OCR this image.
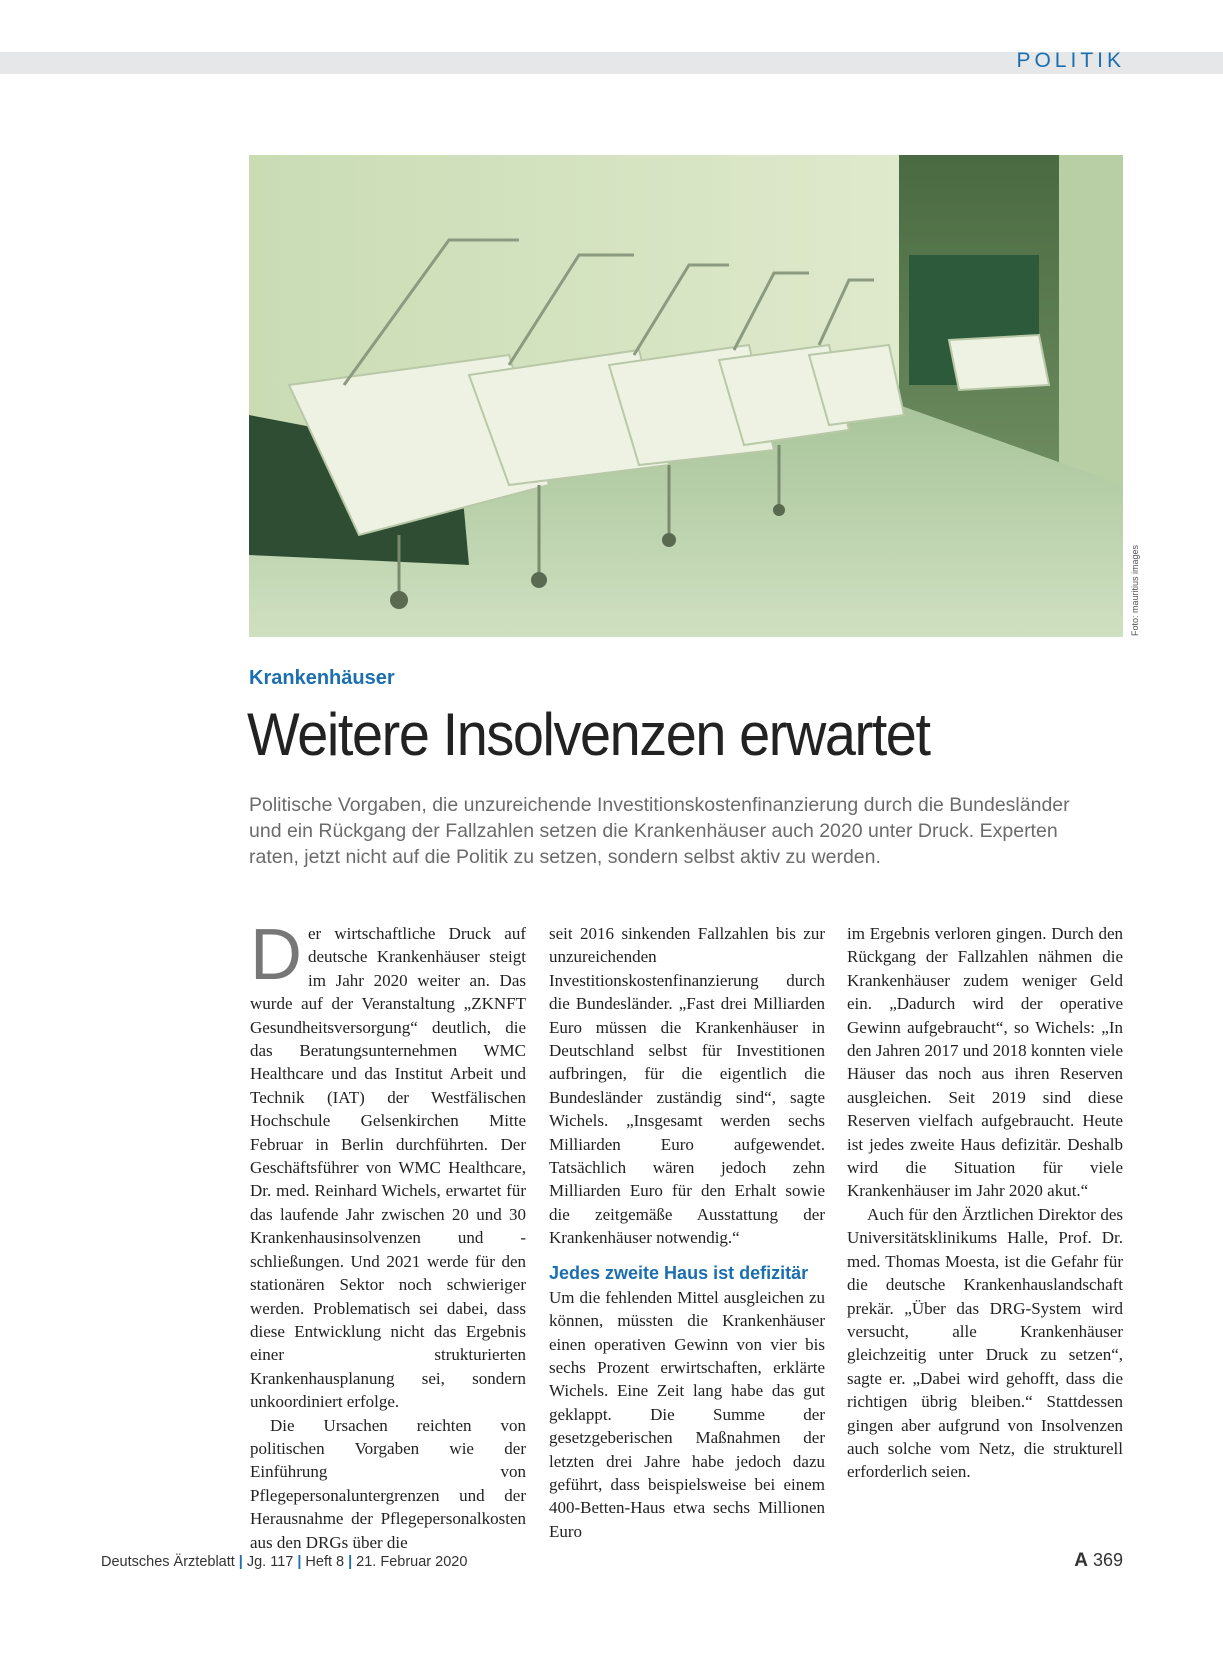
POLITIK
Foto: mauritius images
Krankenhäuser
Weitere Insolvenzen erwartet
Politische Vorgaben, die unzureichende Investitionskostenfinanzierung durch die Bundesländer und ein Rückgang der Fallzahlen setzen die Krankenhäuser auch 2020 unter Druck. Experten raten, jetzt nicht auf die Politik zu setzen, sondern selbst aktiv zu werden.

Der wirtschaftliche Druck auf deutsche Krankenhäuser steigt im Jahr 2020 weiter an. Das wurde auf der Veranstaltung „ZKNFT Gesundheitsversorgung“ deutlich, die das Beratungsunternehmen WMC Healthcare und das Institut Arbeit und Technik (IAT) der Westfälischen Hochschule Gelsenkirchen Mitte Februar in Berlin durchführten. Der Geschäftsführer von WMC Healthcare, Dr. med. Reinhard Wichels, erwartet für das laufende Jahr zwischen 20 und 30 Krankenhausinsolvenzen und -schließungen. Und 2021 werde für den stationären Sektor noch schwieriger werden. Problematisch sei dabei, dass diese Entwicklung nicht das Ergebnis einer strukturierten Krankenhausplanung sei, sondern unkoordiniert erfolge.

Die Ursachen reichten von politischen Vorgaben wie der Einführung von Pflegepersonaluntergrenzen und der Herausnahme der Pflegepersonalkosten aus den DRGs über die

seit 2016 sinkenden Fallzahlen bis zur unzureichenden Investitionskostenfinanzierung durch die Bundesländer. „Fast drei Milliarden Euro müssen die Krankenhäuser in Deutschland selbst für Investitionen aufbringen, für die eigentlich die Bundesländer zuständig sind“, sagte Wichels. „Insgesamt werden sechs Milliarden Euro aufgewendet. Tatsächlich wären jedoch zehn Milliarden Euro für den Erhalt sowie die zeitgemäße Ausstattung der Krankenhäuser notwendig.“

Jedes zweite Haus ist defizitär

Um die fehlenden Mittel ausgleichen zu können, müssten die Krankenhäuser einen operativen Gewinn von vier bis sechs Prozent erwirtschaften, erklärte Wichels. Eine Zeit lang habe das gut geklappt. Die Summe der gesetzgeberischen Maßnahmen der letzten drei Jahre habe jedoch dazu geführt, dass beispielsweise bei einem 400-Betten-Haus etwa sechs Millionen Euro

im Ergebnis verloren gingen. Durch den Rückgang der Fallzahlen nähmen die Krankenhäuser zudem weniger Geld ein. „Dadurch wird der operative Gewinn aufgebraucht“, so Wichels: „In den Jahren 2017 und 2018 konnten viele Häuser das noch aus ihren Reserven ausgleichen. Seit 2019 sind diese Reserven vielfach aufgebraucht. Heute ist jedes zweite Haus defizitär. Deshalb wird die Situation für viele Krankenhäuser im Jahr 2020 akut.“

Auch für den Ärztlichen Direktor des Universitätsklinikums Halle, Prof. Dr. med. Thomas Moesta, ist die Gefahr für die deutsche Krankenhauslandschaft prekär. „Über das DRG-System wird versucht, alle Krankenhäuser gleichzeitig unter Druck zu setzen“, sagte er. „Dabei wird gehofft, dass die richtigen übrig bleiben.“ Stattdessen gingen aber aufgrund von Insolvenzen auch solche vom Netz, die strukturell erforderlich seien.

Deutsches Ärzteblatt | Jg. 117 | Heft 8 | 21. Februar 2020	A 369
